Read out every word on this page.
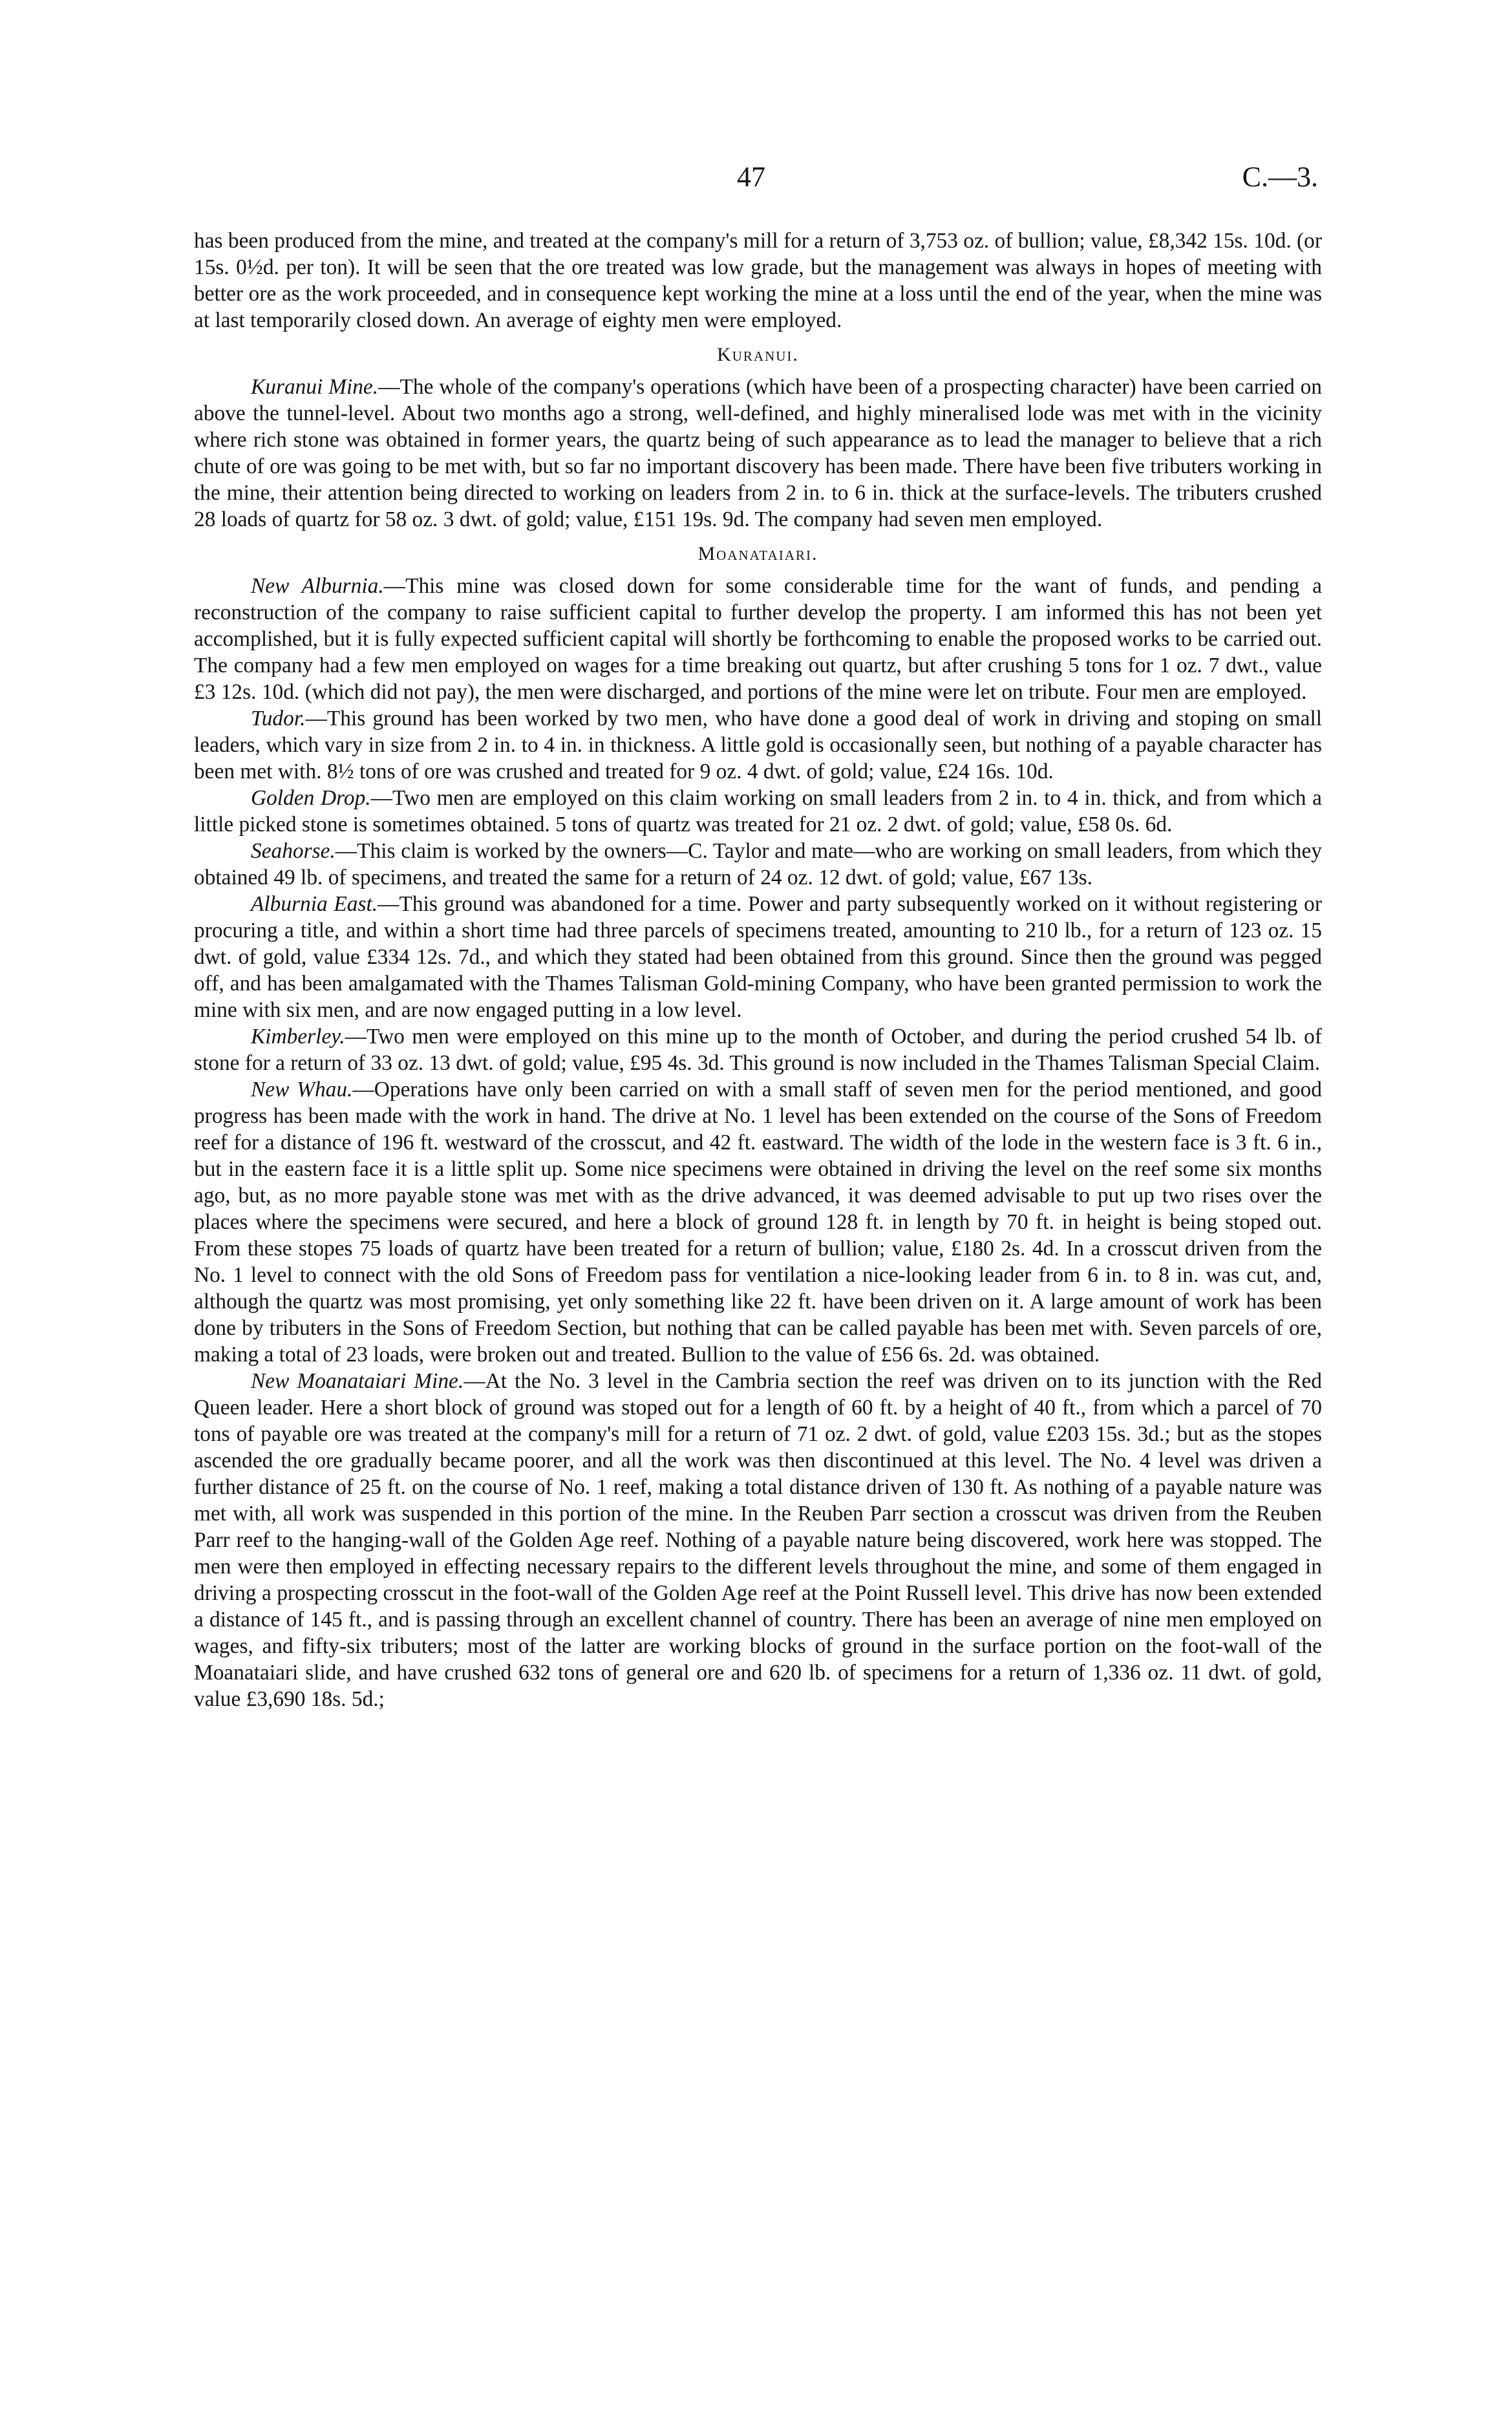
47	C.—3.

has been produced from the mine, and treated at the company's mill for a return of 3,753 oz. of bullion; value, £8,342 15s. 10d. (or 15s. 0½d. per ton). It will be seen that the ore treated was low grade, but the management was always in hopes of meeting with better ore as the work proceeded, and in consequence kept working the mine at a loss until the end of the year, when the mine was at last temporarily closed down. An average of eighty men were employed.

Kuranui.

Kuranui Mine.—The whole of the company's operations (which have been of a prospecting character) have been carried on above the tunnel-level. About two months ago a strong, well-defined, and highly mineralised lode was met with in the vicinity where rich stone was obtained in former years, the quartz being of such appearance as to lead the manager to believe that a rich chute of ore was going to be met with, but so far no important discovery has been made. There have been five tributers working in the mine, their attention being directed to working on leaders from 2 in. to 6 in. thick at the surface-levels. The tributers crushed 28 loads of quartz for 58 oz. 3 dwt. of gold; value, £151 19s. 9d. The company had seven men employed.

Moanataiari.

New Alburnia.—This mine was closed down for some considerable time for the want of funds, and pending a reconstruction of the company to raise sufficient capital to further develop the property. I am informed this has not been yet accomplished, but it is fully expected sufficient capital will shortly be forthcoming to enable the proposed works to be carried out. The company had a few men employed on wages for a time breaking out quartz, but after crushing 5 tons for 1 oz. 7 dwt., value £3 12s. 10d. (which did not pay), the men were discharged, and portions of the mine were let on tribute. Four men are employed.

Tudor.—This ground has been worked by two men, who have done a good deal of work in driving and stoping on small leaders, which vary in size from 2 in. to 4 in. in thickness. A little gold is occasionally seen, but nothing of a payable character has been met with. 8½ tons of ore was crushed and treated for 9 oz. 4 dwt. of gold; value, £24 16s. 10d.

Golden Drop.—Two men are employed on this claim working on small leaders from 2 in. to 4 in. thick, and from which a little picked stone is sometimes obtained. 5 tons of quartz was treated for 21 oz. 2 dwt. of gold; value, £58 0s. 6d.

Seahorse.—This claim is worked by the owners—C. Taylor and mate—who are working on small leaders, from which they obtained 49 lb. of specimens, and treated the same for a return of 24 oz. 12 dwt. of gold; value, £67 13s.

Alburnia East.—This ground was abandoned for a time. Power and party subsequently worked on it without registering or procuring a title, and within a short time had three parcels of specimens treated, amounting to 210 lb., for a return of 123 oz. 15 dwt. of gold, value £334 12s. 7d., and which they stated had been obtained from this ground. Since then the ground was pegged off, and has been amalgamated with the Thames Talisman Gold-mining Company, who have been granted permission to work the mine with six men, and are now engaged putting in a low level.

Kimberley.—Two men were employed on this mine up to the month of October, and during the period crushed 54 lb. of stone for a return of 33 oz. 13 dwt. of gold; value, £95 4s. 3d. This ground is now included in the Thames Talisman Special Claim.

New Whau.—Operations have only been carried on with a small staff of seven men for the period mentioned, and good progress has been made with the work in hand. The drive at No. 1 level has been extended on the course of the Sons of Freedom reef for a distance of 196 ft. westward of the crosscut, and 42 ft. eastward. The width of the lode in the western face is 3 ft. 6 in., but in the eastern face it is a little split up. Some nice specimens were obtained in driving the level on the reef some six months ago, but, as no more payable stone was met with as the drive advanced, it was deemed advisable to put up two rises over the places where the specimens were secured, and here a block of ground 128 ft. in length by 70 ft. in height is being stoped out. From these stopes 75 loads of quartz have been treated for a return of bullion; value, £180 2s. 4d. In a crosscut driven from the No. 1 level to connect with the old Sons of Freedom pass for ventilation a nice-looking leader from 6 in. to 8 in. was cut, and, although the quartz was most promising, yet only something like 22 ft. have been driven on it. A large amount of work has been done by tributers in the Sons of Freedom Section, but nothing that can be called payable has been met with. Seven parcels of ore, making a total of 23 loads, were broken out and treated. Bullion to the value of £56 6s. 2d. was obtained.

New Moanataiari Mine.—At the No. 3 level in the Cambria section the reef was driven on to its junction with the Red Queen leader. Here a short block of ground was stoped out for a length of 60 ft. by a height of 40 ft., from which a parcel of 70 tons of payable ore was treated at the company's mill for a return of 71 oz. 2 dwt. of gold, value £203 15s. 3d.; but as the stopes ascended the ore gradually became poorer, and all the work was then discontinued at this level. The No. 4 level was driven a further distance of 25 ft. on the course of No. 1 reef, making a total distance driven of 130 ft. As nothing of a payable nature was met with, all work was suspended in this portion of the mine. In the Reuben Parr section a crosscut was driven from the Reuben Parr reef to the hanging-wall of the Golden Age reef. Nothing of a payable nature being discovered, work here was stopped. The men were then employed in effecting necessary repairs to the different levels throughout the mine, and some of them engaged in driving a prospecting crosscut in the foot-wall of the Golden Age reef at the Point Russell level. This drive has now been extended a distance of 145 ft., and is passing through an excellent channel of country. There has been an average of nine men employed on wages, and fifty-six tributers; most of the latter are working blocks of ground in the surface portion on the foot-wall of the Moanataiari slide, and have crushed 632 tons of general ore and 620 lb. of specimens for a return of 1,336 oz. 11 dwt. of gold, value £3,690 18s. 5d.;
